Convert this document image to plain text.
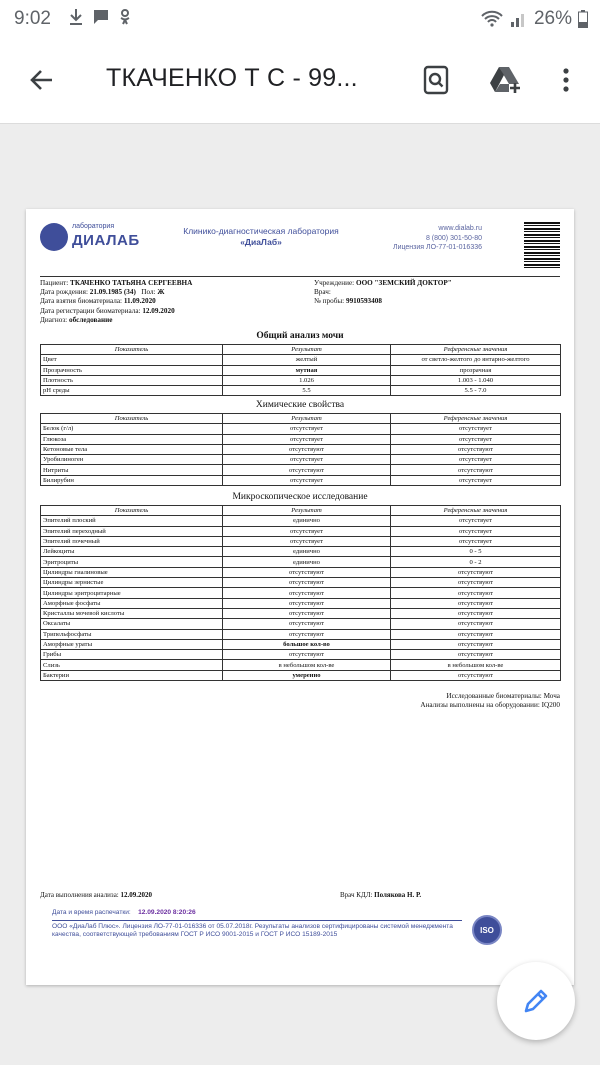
9:02	26%
ТКАЧЕНКО Т С - 99...
лаборатория
ДИАЛАБ
Клинико-диагностическая лаборатория
«ДиаЛаб»
www.dialab.ru
8 (800) 301-50-80
Лицензия ЛО-77-01-016336
Пациент: ТКАЧЕНКО ТАТЬЯНА СЕРГЕЕВНА
Дата рождения: 21.09.1985 (34) Пол: Ж
Дата взятия биоматериала: 11.09.2020
Дата регистрации биоматериала: 12.09.2020
Диагноз: обследование
Учреждение: ООО "ЗЕМСКИЙ ДОКТОР"
Врач:
№ пробы: 9910593408
Общий анализ мочи
Показатель	Результат	Референсные значения
Цвет	желтый	от светло-желтого до янтарно-желтого
Прозрачность	мутная	прозрачная
Плотность	1.026	1.003 - 1.040
pH среды	5.5	5.5 - 7.0
Химические свойства
Показатель	Результат	Референсные значения
Белок (г/л)	отсутствует	отсутствует
Глюкоза	отсутствует	отсутствует
Кетоновые тела	отсутствуют	отсутствуют
Уробилиноген	отсутствует	отсутствует
Нитриты	отсутствуют	отсутствуют
Билирубин	отсутствует	отсутствует
Микроскопическое исследование
Показатель	Результат	Референсные значения
Эпителий плоский	единично	отсутствует
Эпителий переходный	отсутствует	отсутствует
Эпителий почечный	отсутствует	отсутствует
Лейкоциты	единично	0 - 5
Эритроциты	единично	0 - 2
Цилиндры гиалиновые	отсутствуют	отсутствуют
Цилиндры зернистые	отсутствуют	отсутствуют
Цилиндры эритроцитарные	отсутствуют	отсутствуют
Аморфные фосфаты	отсутствуют	отсутствуют
Кристаллы мочевой кислоты	отсутствуют	отсутствуют
Оксалаты	отсутствуют	отсутствуют
Трипельфосфаты	отсутствуют	отсутствуют
Аморфные ураты	большое кол-во	отсутствуют
Грибы	отсутствуют	отсутствуют
Слизь	в небольшом кол-ве	в небольшом кол-ве
Бактерии	умеренно	отсутствуют
Исследованные биоматериалы: Моча
Анализы выполнены на оборудовании: IQ200
Дата выполнения анализа: 12.09.2020	Врач КДЛ: Полякова Н. Р.
Дата и время распечатки: 12.09.2020 8:20:26
ООО «ДиаЛаб Плюс». Лицензия ЛО-77-01-016336 от 05.07.2018г. Результаты анализов сертифицированы системой менеджмента качества, соответствующей требованиям ГОСТ Р ИСО 9001-2015 и ГОСТ Р ИСО 15189-2015	ISO
